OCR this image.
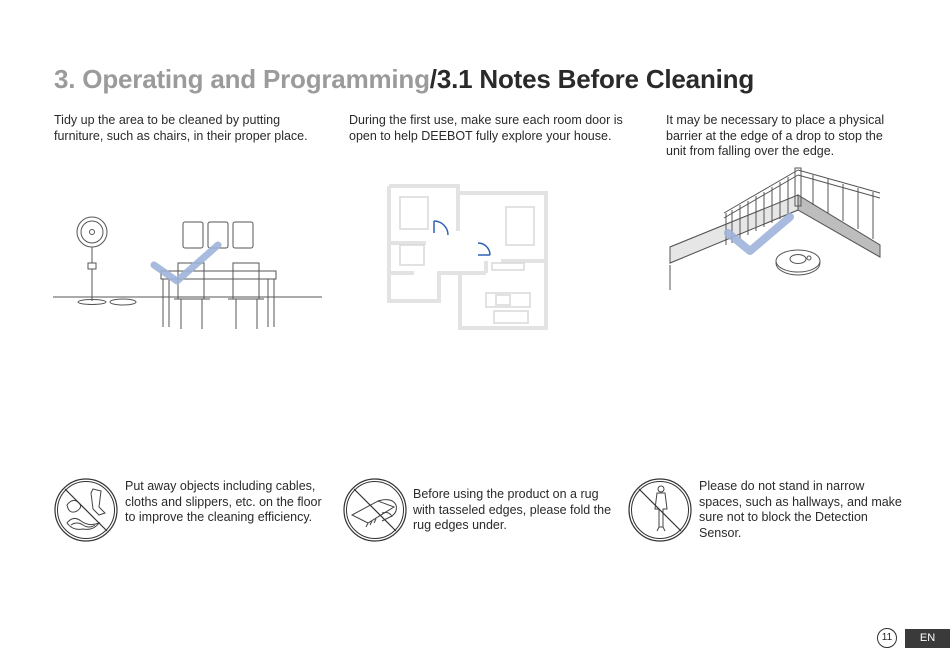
3. Operating and Programming/3.1 Notes Before Cleaning

Tidy up the area to be cleaned by putting furniture, such as chairs, in their proper place.

During the first use, make sure each room door is open to help DEEBOT fully explore your house.

It may be necessary to place a physical barrier at the edge of a drop to stop the unit from falling over the edge.

Put away objects including cables, cloths and slippers, etc. on the floor to improve the cleaning efficiency.

Before using the product on a rug with tasseled edges, please fold the rug edges under.

Please do not stand in narrow spaces, such as hallways, and make sure not to block the Detection Sensor.

11	EN
